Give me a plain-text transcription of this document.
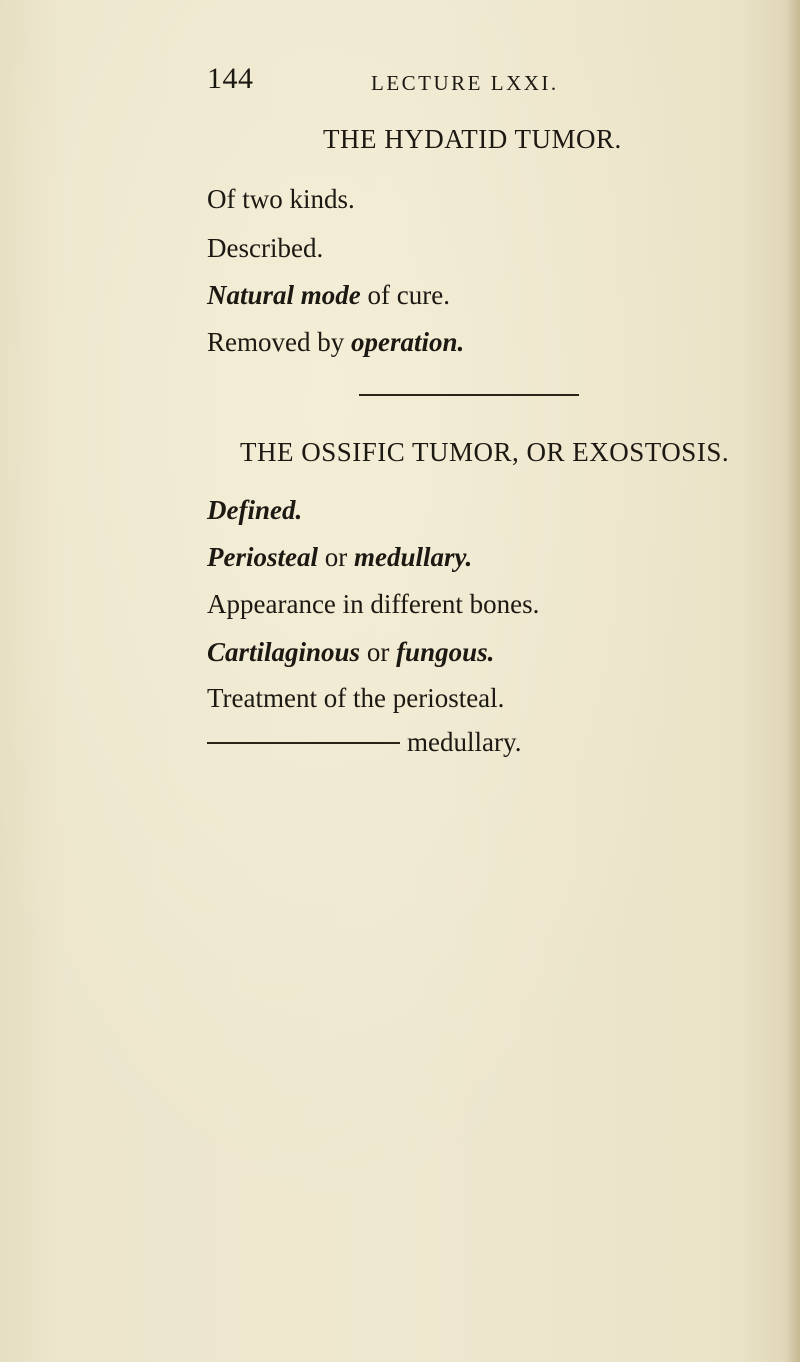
144	LECTURE LXXI.
THE HYDATID TUMOR.
Of two kinds.
Described.
Natural mode of cure.
Removed by operation.
THE OSSIFIC TUMOR, OR EXOSTOSIS.
Defined.
Periosteal or medullary.
Appearance in different bones.
Cartilaginous or fungous.
Treatment of the periosteal.
medullary.
